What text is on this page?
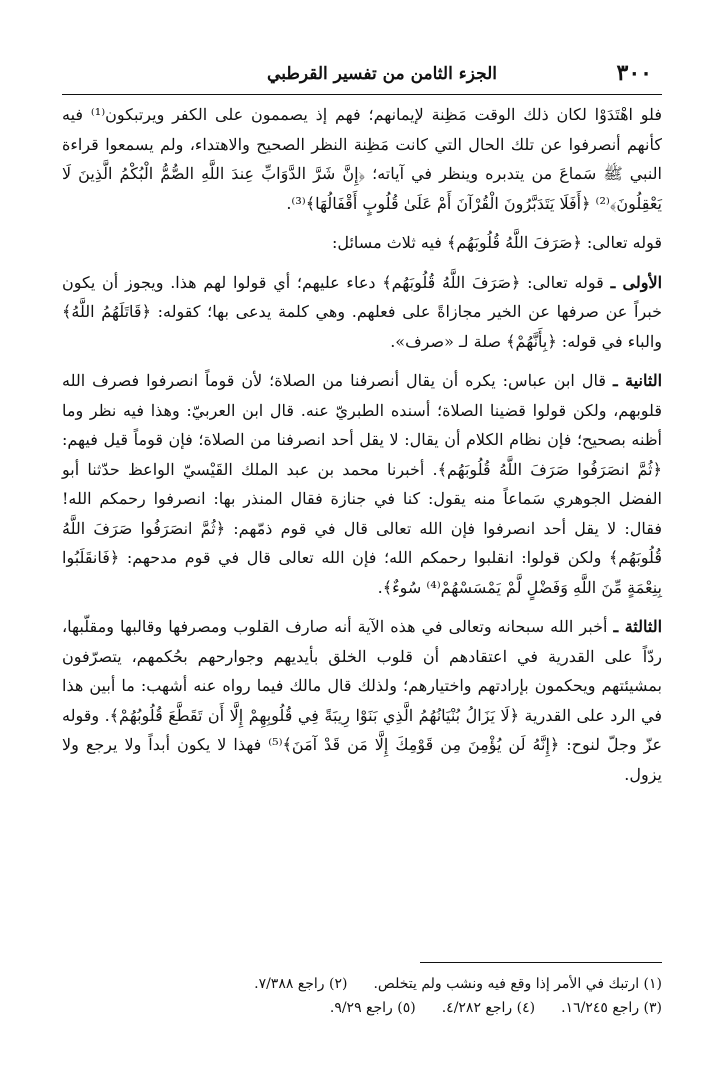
٣٠٠
الجزء الثامن من تفسير القرطبي

فلو اهْتَدَوْا لكان ذلك الوقت مَظِنة لإيمانهم؛ فهم إذ يصممون على الكفر ويرتبكون⁽¹⁾ فيه كأنهم أنصرفوا عن تلك الحال التي كانت مَظِنة النظر الصحيح والاهتداء، ولم يسمعوا قراءة النبي ﷺ سَماعَ من يتدبره وينظر في آياته؛ ﴿إِنَّ شَرَّ الدَّوَابِّ عِندَ اللَّهِ الصُّمُّ الْبُكْمُ الَّذِينَ لَا يَعْقِلُونَ﴾⁽²⁾ ﴿أَفَلَا يَتَدَبَّرُونَ الْقُرْآنَ أَمْ عَلَىٰ قُلُوبٍ أَقْفَالُهَا﴾⁽³⁾.

قوله تعالى: ﴿صَرَفَ اللَّهُ قُلُوبَهُم﴾ فيه ثلاث مسائل:

الأولى ـ قوله تعالى: ﴿صَرَفَ اللَّهُ قُلُوبَهُم﴾ دعاء عليهم؛ أي قولوا لهم هذا. ويجوز أن يكون خبراً عن صرفها عن الخير مجازاةً على فعلهم. وهي كلمة يدعى بها؛ كقوله: ﴿قَاتَلَهُمُ اللَّهُ﴾ والباء في قوله: ﴿بِأَنَّهُمْ﴾ صلة لـ «صرف».

الثانية ـ قال ابن عباس: يكره أن يقال أنصرفنا من الصلاة؛ لأن قوماً انصرفوا فصرف الله قلوبهم، ولكن قولوا قضينا الصلاة؛ أسنده الطبريّ عنه. قال ابن العربيّ: وهذا فيه نظر وما أظنه بصحيح؛ فإن نظام الكلام أن يقال: لا يقل أحد انصرفنا من الصلاة؛ فإن قوماً قيل فيهم: ﴿ثُمَّ انصَرَفُوا صَرَفَ اللَّهُ قُلُوبَهُم﴾. أخبرنا محمد بن عبد الملك القَيْسيّ الواعظ حدّثنا أبو الفضل الجوهري سَماعاً منه يقول: كنا في جنازة فقال المنذر بها: انصرفوا رحمكم الله! فقال: لا يقل أحد انصرفوا فإن الله تعالى قال في قوم ذمّهم: ﴿ثُمَّ انصَرَفُوا صَرَفَ اللَّهُ قُلُوبَهُم﴾ ولكن قولوا: انقلبوا رحمكم الله؛ فإن الله تعالى قال في قوم مدحهم: ﴿فَانقَلَبُوا بِنِعْمَةٍ مِّنَ اللَّهِ وَفَضْلٍ لَّمْ يَمْسَسْهُمْ⁽⁴⁾ سُوءٌ﴾.

الثالثة ـ أخبر الله سبحانه وتعالى في هذه الآية أنه صارف القلوب ومصرفها وقالبها ومقلّبها، ردّاً على القدرية في اعتقادهم أن قلوب الخلق بأيديهم وجوارحهم بحُكمهم، يتصرّفون بمشيئتهم ويحكمون بإرادتهم واختيارهم؛ ولذلك قال مالك فيما رواه عنه أشهب: ما أبين هذا في الرد على القدرية ﴿لَا يَزَالُ بُنْيَانُهُمُ الَّذِي بَنَوْا رِيبَةً فِي قُلُوبِهِمْ إِلَّا أَن تَقَطَّعَ قُلُوبُهُمْ﴾. وقوله عزّ وجلّ لنوح: ﴿إِنَّهُ لَن يُؤْمِنَ مِن قَوْمِكَ إِلَّا مَن قَدْ آمَنَ﴾⁽⁵⁾ فهذا لا يكون أبداً ولا يرجع ولا يزول.

(١) ارتبك في الأمر إذا وقع فيه ونشب ولم يتخلص.
(٢) راجع ٧/٣٨٨.
(٣) راجع ١٦/٢٤٥.
(٤) راجع ٤/٢٨٢.
(٥) راجع ٩/٢٩.
